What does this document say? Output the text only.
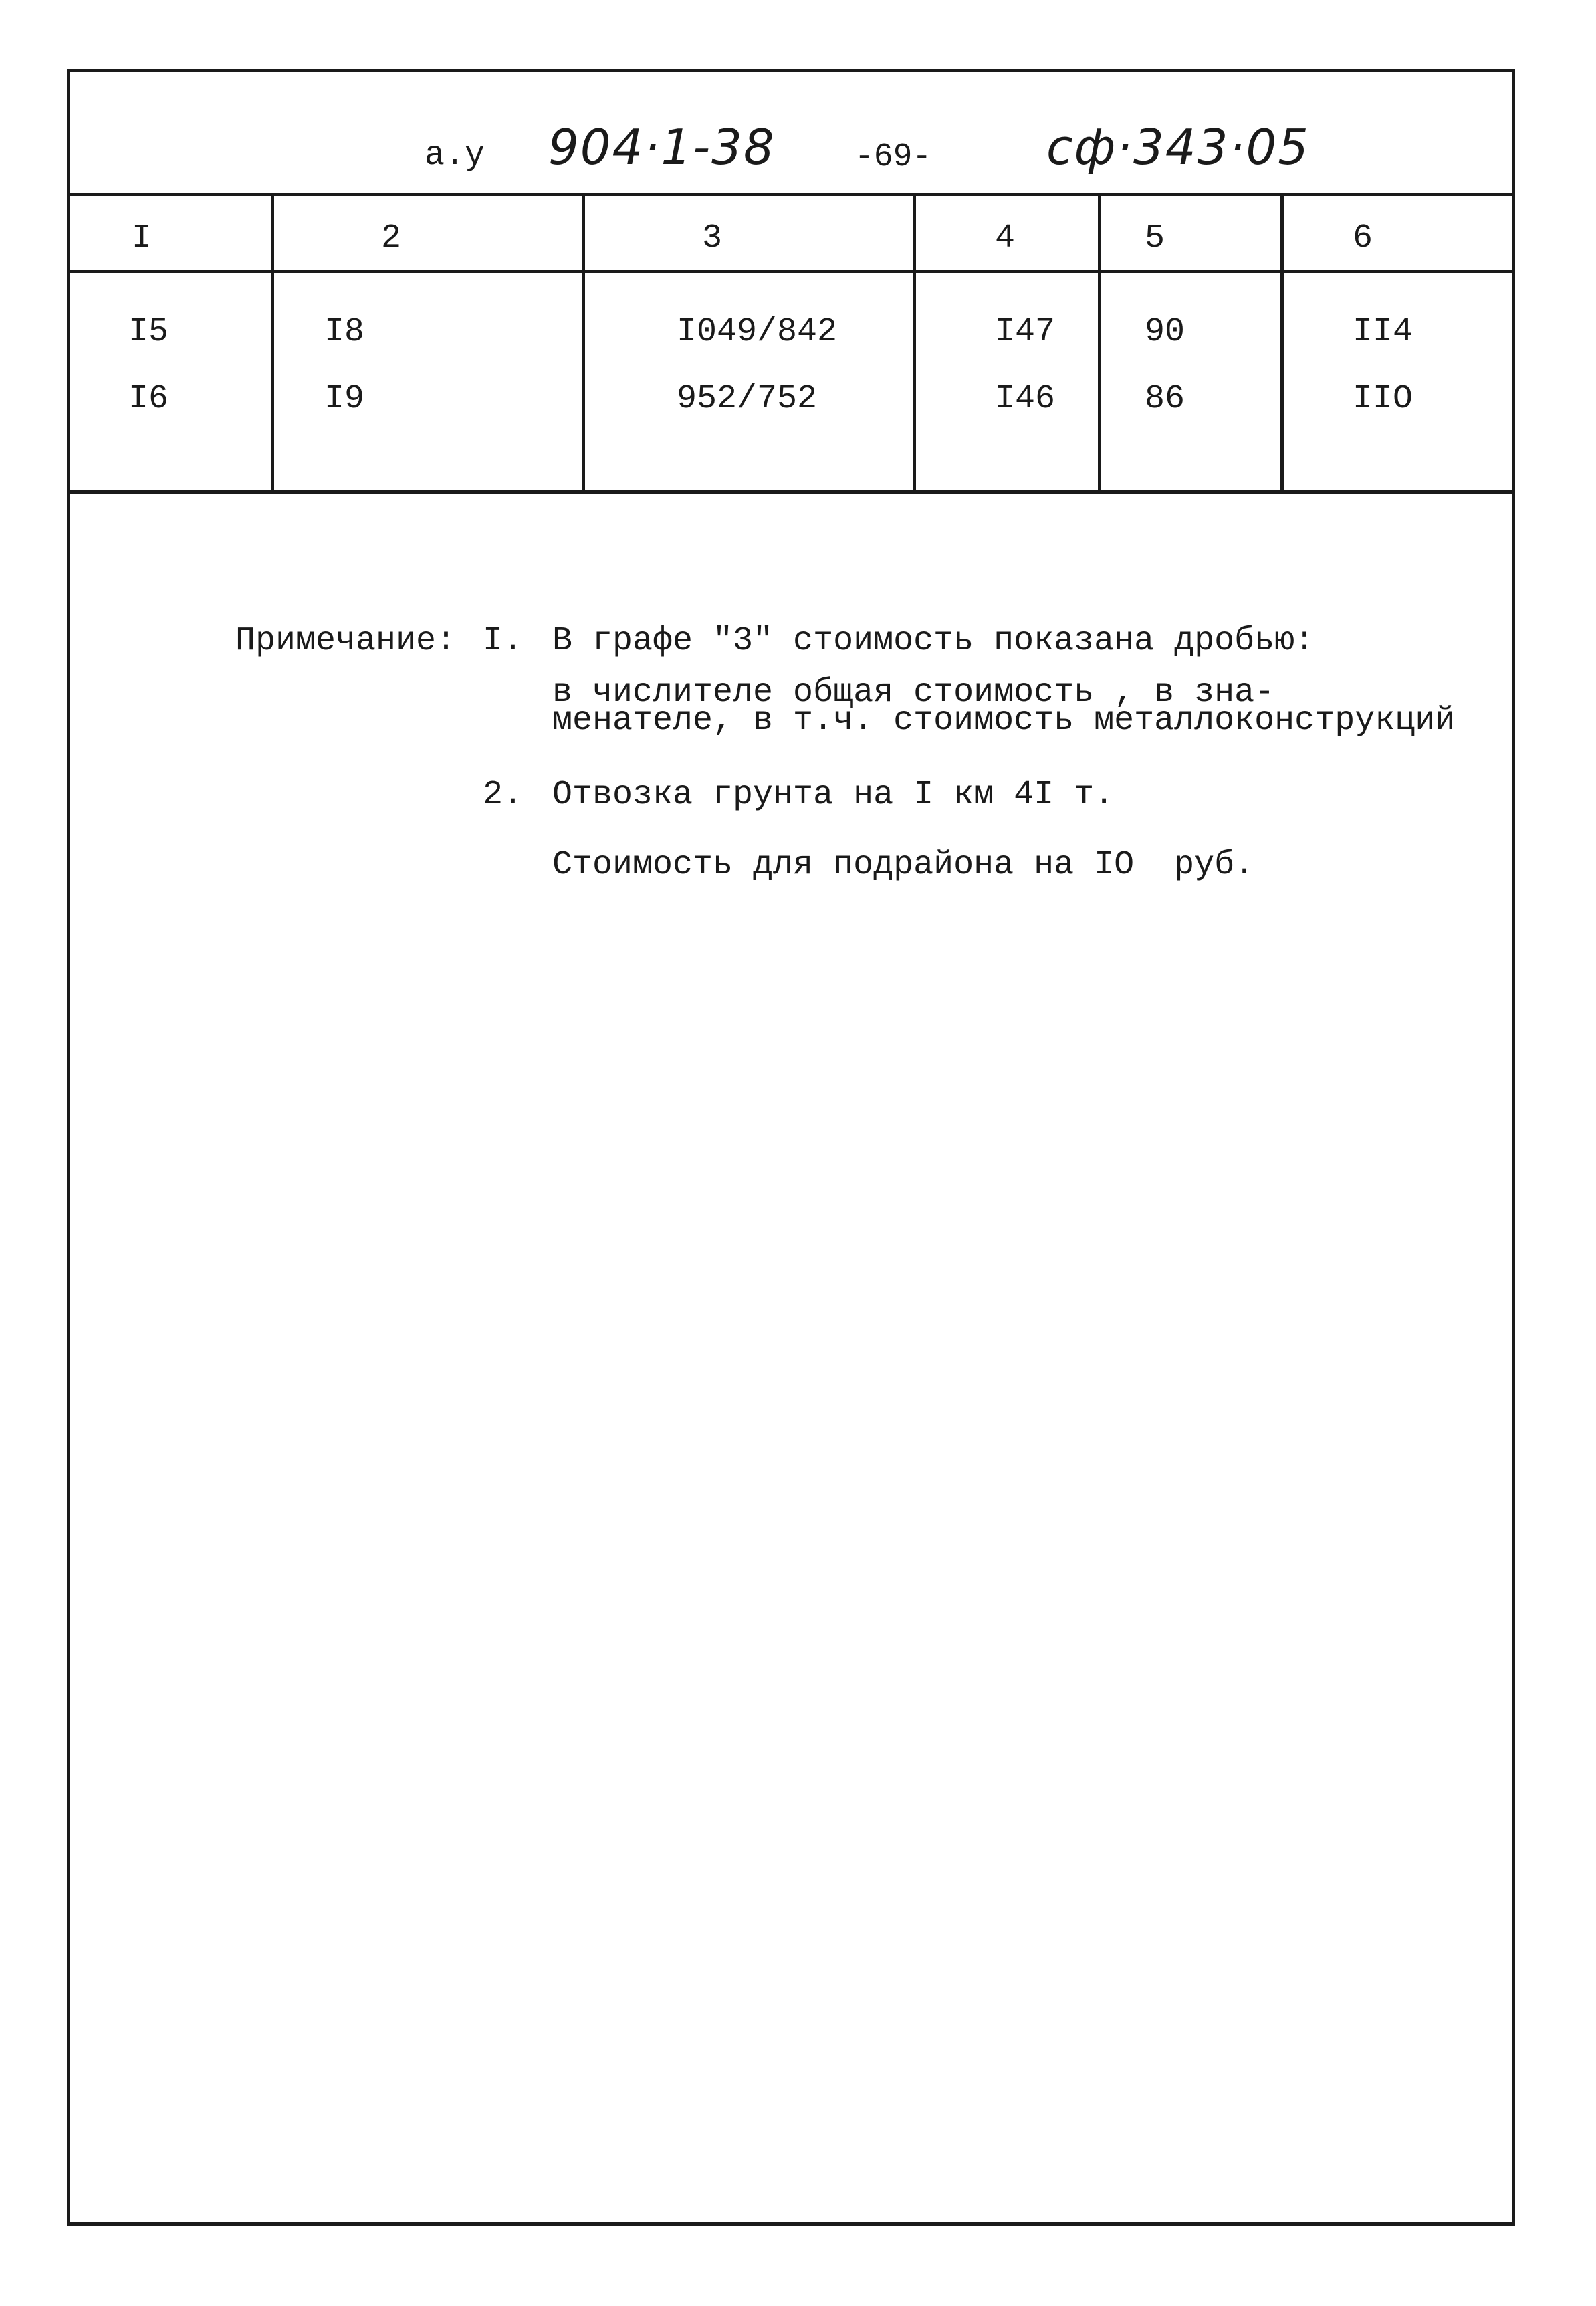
а.у 904·1-38 -69- сф·343·05
I	2	3	4	5	6
I5	I8	I049/842	I47	90	II4
I6	I9	952/752	I46	86	IIO
Примечание: I. В графе "3" стоимость показана дробью:
в числителе общая стоимость , в зна-
менателе, в т.ч. стоимость металлоконструкций
2. Отвозка грунта на I км 4I т.
Стоимость для подрайона на IO  руб.
